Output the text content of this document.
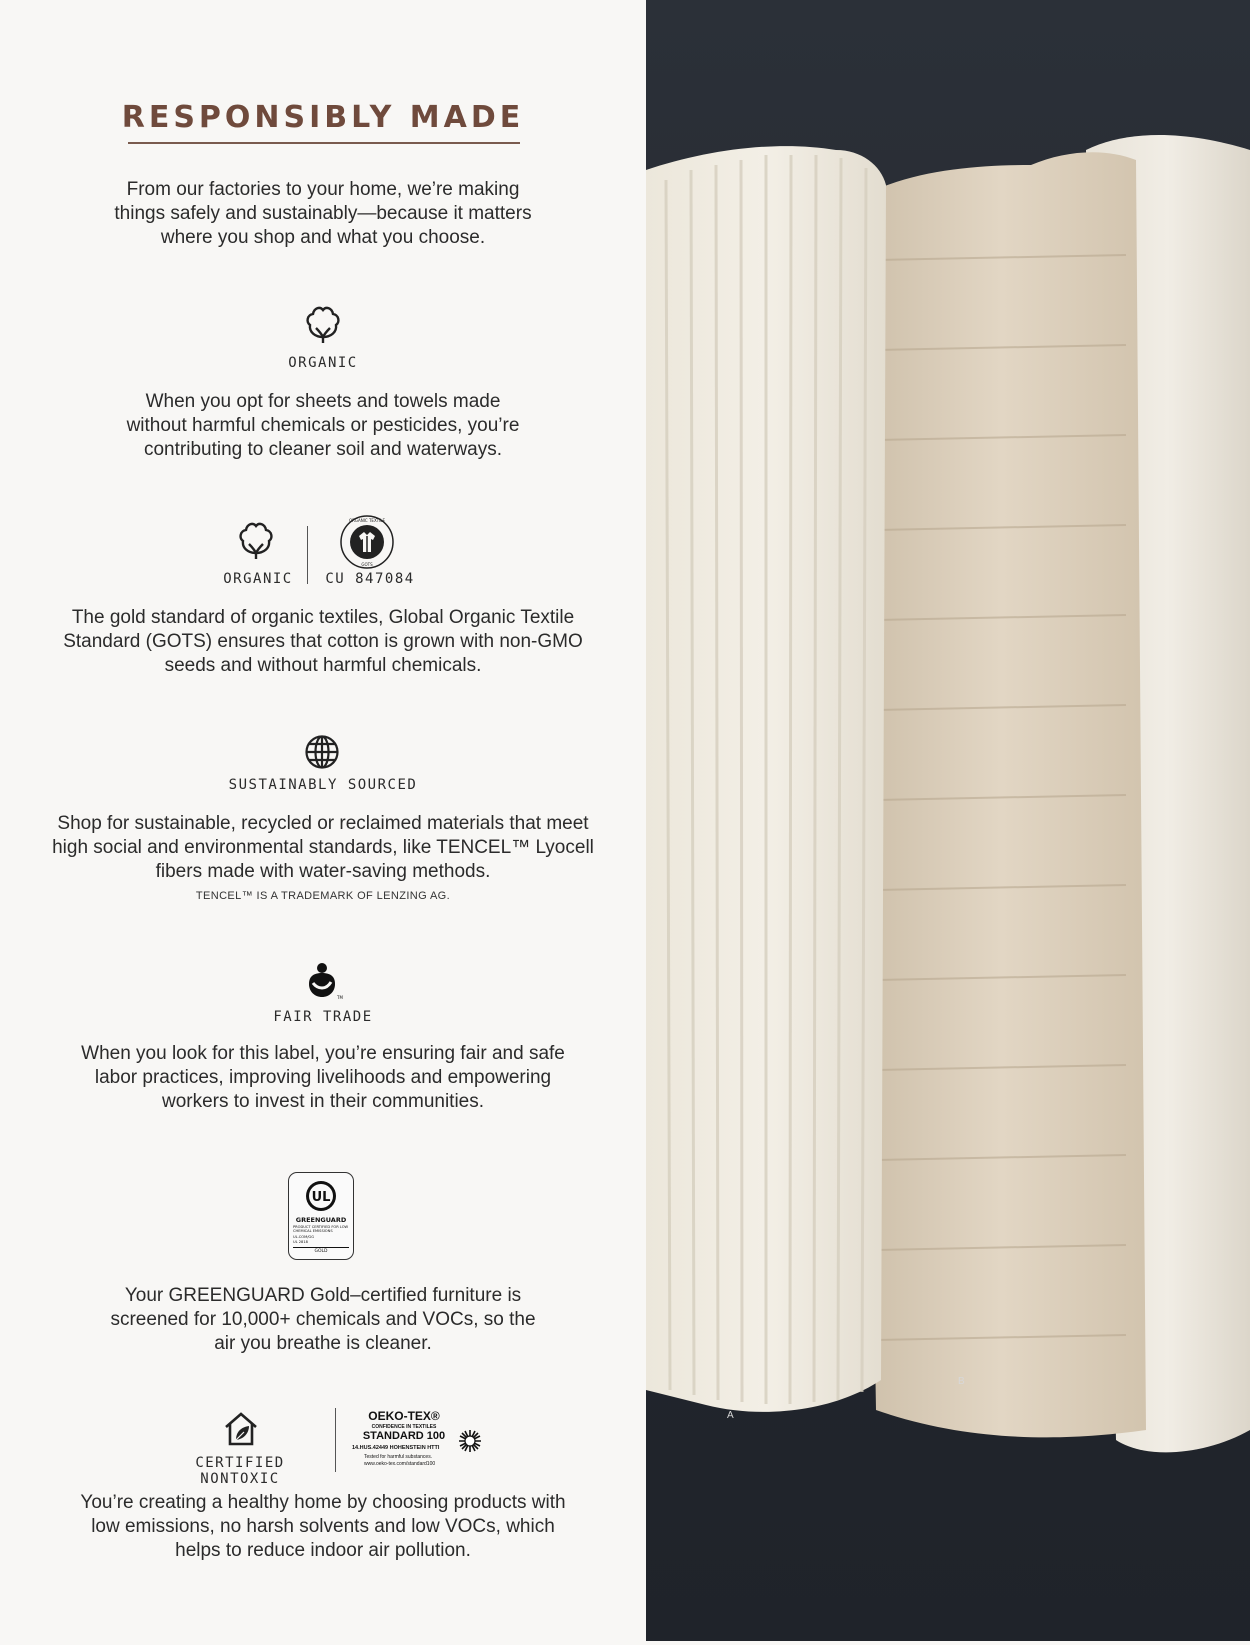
RESPONSIBLY MADE
From our factories to your home, we’re making things safely and sustainably—because it matters where you shop and what you choose.
ORGANIC
When you opt for sheets and towels made without harmful chemicals or pesticides, you’re contributing to cleaner soil and waterways.
ORGANIC
ORGANIC TEXTILE
GOTS
CU 847084
The gold standard of organic textiles, Global Organic Textile Standard (GOTS) ensures that cotton is grown with non-GMO seeds and without harmful chemicals.
SUSTAINABLY SOURCED
Shop for sustainable, recycled or reclaimed materials that meet high social and environmental standards, like TENCEL™ Lyocell fibers made with water-saving methods.
TENCEL™ IS A TRADEMARK OF LENZING AG.
TM
FAIR TRADE
When you look for this label, you’re ensuring fair and safe labor practices, improving livelihoods and empowering workers to invest in their communities.
UL
GREENGUARD
PRODUCT CERTIFIED FOR LOW CHEMICAL EMISSIONS
UL.COM/GG
UL 2818
GOLD
Your GREENGUARD Gold–certified furniture is screened for 10,000+ chemicals and VOCs, so the air you breathe is cleaner.
CERTIFIED NONTOXIC
OEKO-TEX®
CONFIDENCE IN TEXTILES
STANDARD 100
14.HUS.42449 HOHENSTEIN HTTI
Tested for harmful substances.
www.oeko-tex.com/standard100
You’re creating a healthy home by choosing products with low emissions, no harsh solvents and low VOCs, which helps to reduce indoor air pollution.
A
B
